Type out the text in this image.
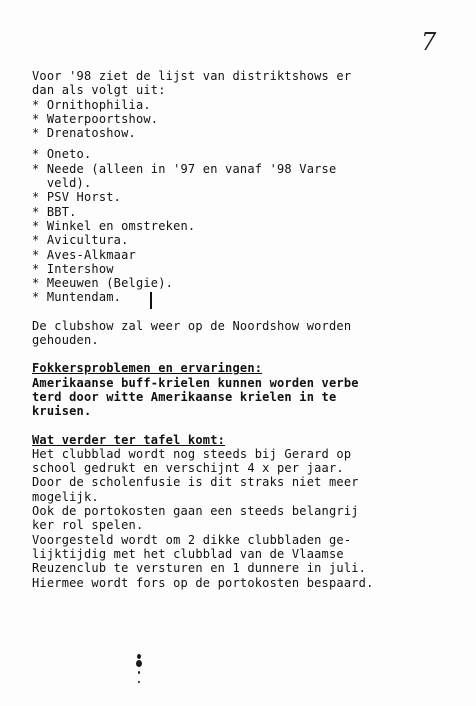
7
Voor '98 ziet de lijst van distriktshows er
dan als volgt uit:
* Ornithophilia.
* Waterpoortshow.
* Drenatoshow.
* Oneto.
* Neede (alleen in '97 en vanaf '98 Varse
veld).
* PSV Horst.
* BBT.
* Winkel en omstreken.
* Avicultura.
* Aves-Alkmaar
* Intershow
* Meeuwen (Belgie).
* Muntendam.
De clubshow zal weer op de Noordshow worden
gehouden.
Fokkersproblemen en ervaringen:
Amerikaanse buff-krielen kunnen worden verbe
terd door witte Amerikaanse krielen in te
kruisen.
Wat verder ter tafel komt:
Het clubblad wordt nog steeds bij Gerard op
school gedrukt en verschijnt 4 x per jaar.
Door de scholenfusie is dit straks niet meer
mogelijk.
Ook de portokosten gaan een steeds belangrij
ker rol spelen.
Voorgesteld wordt om 2 dikke clubbladen ge-
lijktijdig met het clubblad van de Vlaamse
Reuzenclub te versturen en 1 dunnere in juli.
Hiermee wordt fors op de portokosten bespaard.
